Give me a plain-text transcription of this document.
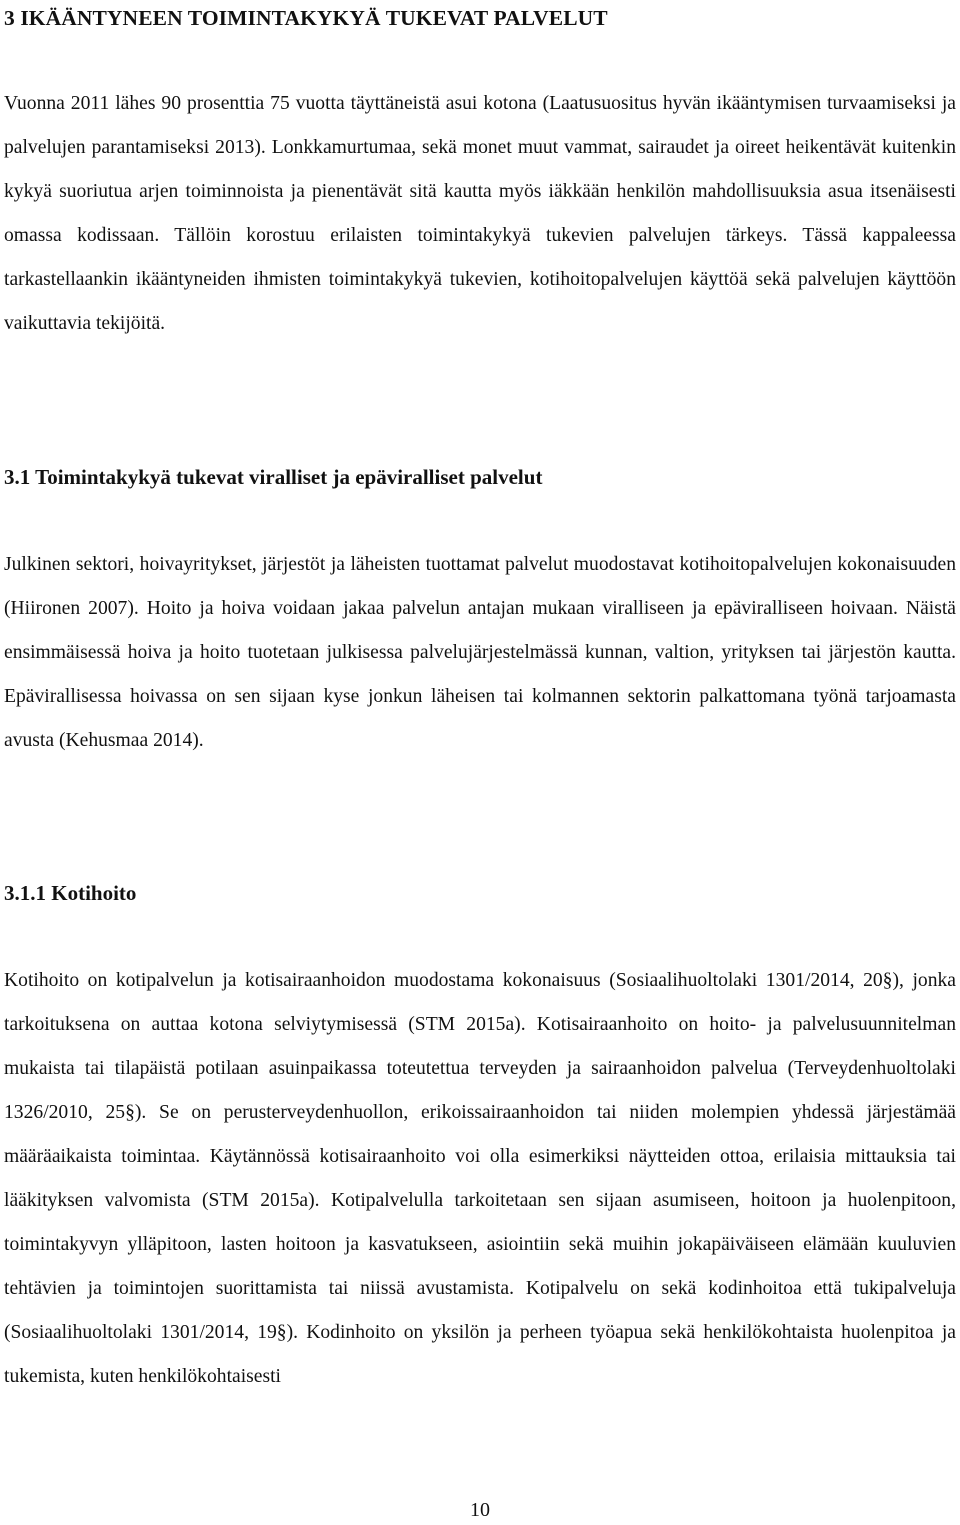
3 IKÄÄNTYNEEN TOIMINTAKYKYÄ TUKEVAT PALVELUT

Vuonna 2011 lähes 90 prosenttia 75 vuotta täyttäneistä asui kotona (Laatusuositus hyvän ikääntymisen turvaamiseksi ja palvelujen parantamiseksi 2013). Lonkkamurtumaa, sekä monet muut vammat, sairaudet ja oireet heikentävät kuitenkin kykyä suoriutua arjen toiminnoista ja pienentävät sitä kautta myös iäkkään henkilön mahdollisuuksia asua itsenäisesti omassa kodissaan. Tällöin korostuu erilaisten toimintakykyä tukevien palvelujen tärkeys. Tässä kappaleessa tarkastellaankin ikääntyneiden ihmisten toimintakykyä tukevien, kotihoitopalvelujen käyttöä sekä palvelujen käyttöön vaikuttavia tekijöitä.

3.1 Toimintakykyä tukevat viralliset ja epäviralliset palvelut

Julkinen sektori, hoivayritykset, järjestöt ja läheisten tuottamat palvelut muodostavat kotihoitopalvelujen kokonaisuuden (Hiironen 2007). Hoito ja hoiva voidaan jakaa palvelun antajan mukaan viralliseen ja epäviralliseen hoivaan. Näistä ensimmäisessä hoiva ja hoito tuotetaan julkisessa palvelujärjestelmässä kunnan, valtion, yrityksen tai järjestön kautta. Epävirallisessa hoivassa on sen sijaan kyse jonkun läheisen tai kolmannen sektorin palkattomana työnä tarjoamasta avusta (Kehusmaa 2014).

3.1.1 Kotihoito

Kotihoito on kotipalvelun ja kotisairaanhoidon muodostama kokonaisuus (Sosiaalihuoltolaki 1301/2014, 20§), jonka tarkoituksena on auttaa kotona selviytymisessä (STM 2015a). Kotisairaanhoito on hoito- ja palvelusuunnitelman mukaista tai tilapäistä potilaan asuinpaikassa toteutettua terveyden ja sairaanhoidon palvelua (Terveydenhuoltolaki 1326/2010, 25§). Se on perusterveydenhuollon, erikoissairaanhoidon tai niiden molempien yhdessä järjestämää määräaikaista toimintaa. Käytännössä kotisairaanhoito voi olla esimerkiksi näytteiden ottoa, erilaisia mittauksia tai lääkityksen valvomista (STM 2015a). Kotipalvelulla tarkoitetaan sen sijaan asumiseen, hoitoon ja huolenpitoon, toimintakyvyn ylläpitoon, lasten hoitoon ja kasvatukseen, asiointiin sekä muihin jokapäiväiseen elämään kuuluvien tehtävien ja toimintojen suorittamista tai niissä avustamista. Kotipalvelu on sekä kodinhoitoa että tukipalveluja (Sosiaalihuoltolaki 1301/2014, 19§). Kodinhoito on yksilön ja perheen työapua sekä henkilökohtaista huolenpitoa ja tukemista, kuten henkilökohtaisesti

10
